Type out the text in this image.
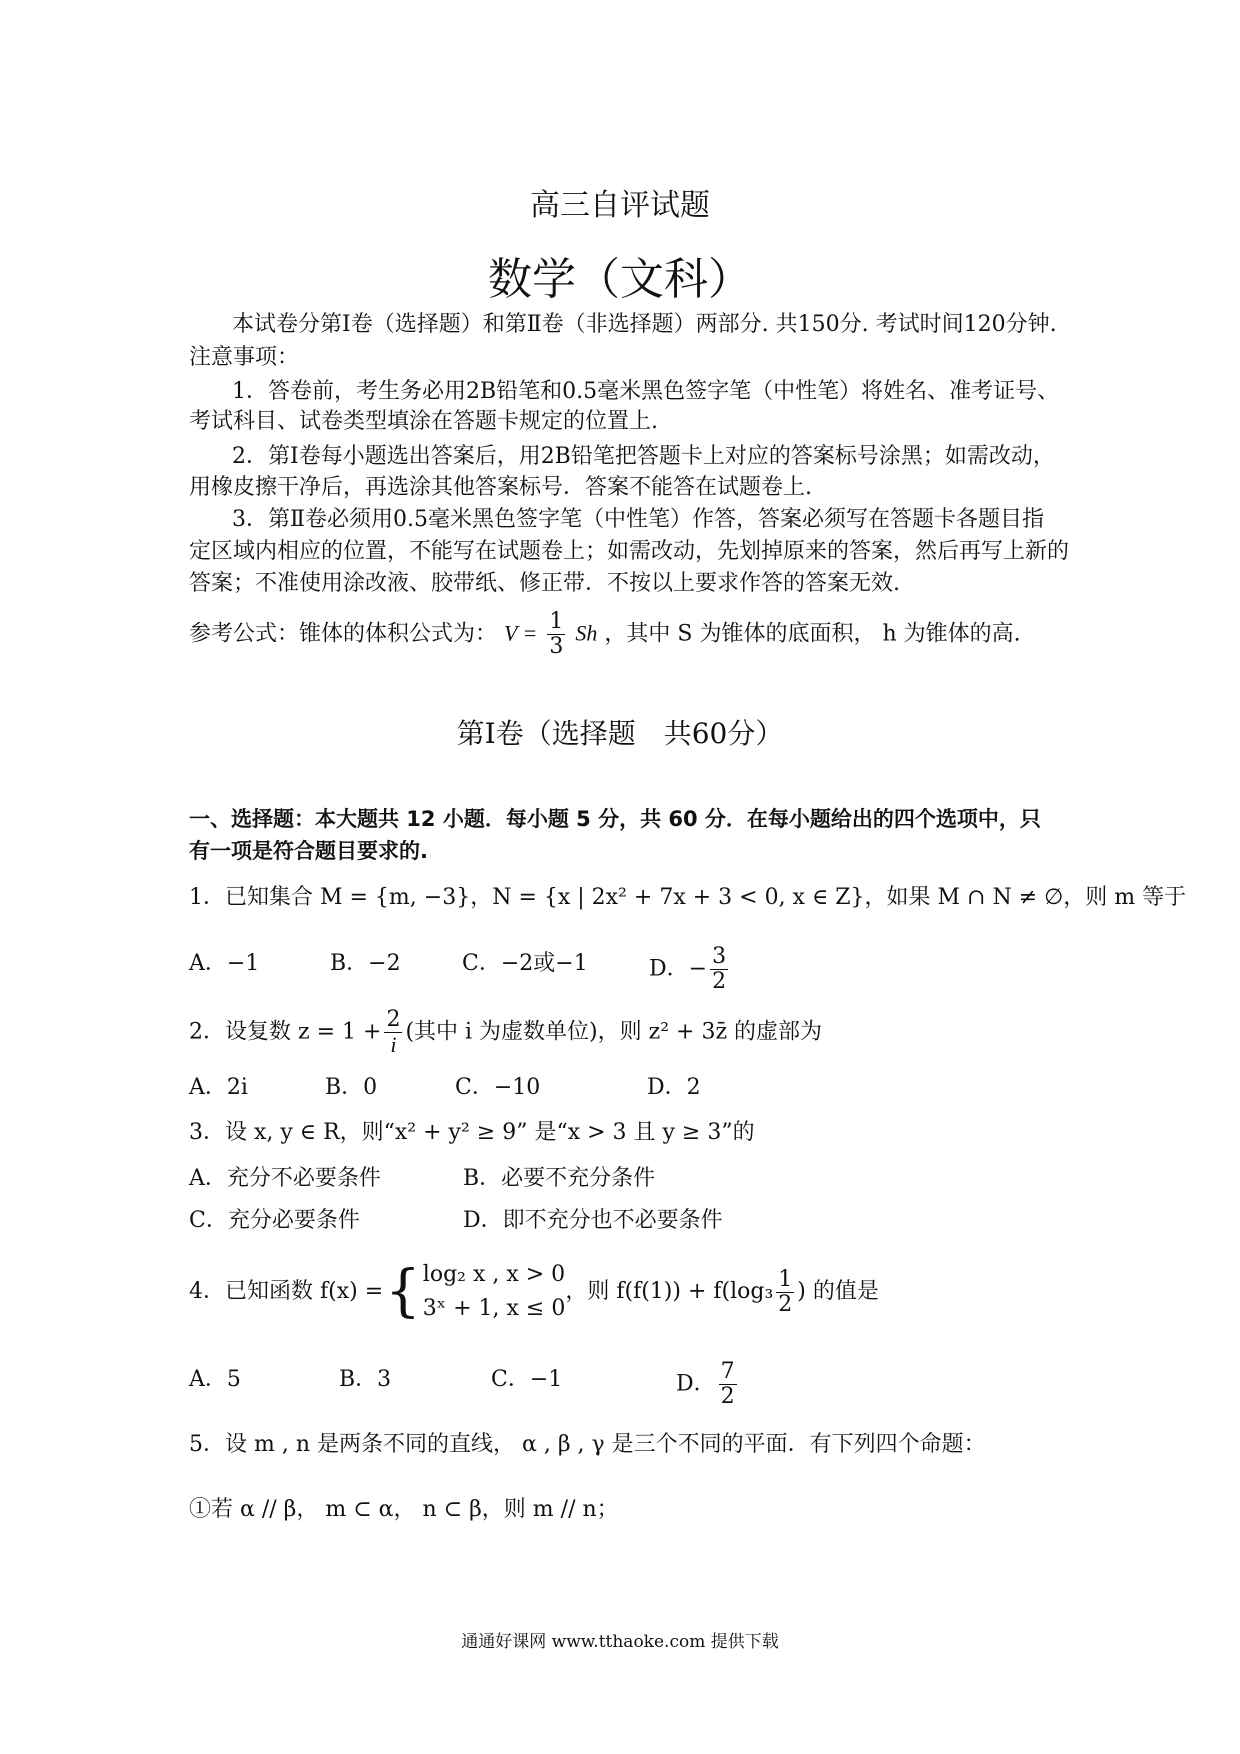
高三自评试题
数学（文科）
本试卷分第Ⅰ卷（选择题）和第Ⅱ卷（非选择题）两部分. 共150分. 考试时间120分钟.
注意事项：
1．答卷前，考生务必用2B铅笔和0.5毫米黑色签字笔（中性笔）将姓名、准考证号、
考试科目、试卷类型填涂在答题卡规定的位置上.
2．第Ⅰ卷每小题选出答案后，用2B铅笔把答题卡上对应的答案标号涂黑；如需改动，
用橡皮擦干净后，再选涂其他答案标号．答案不能答在试题卷上.
3．第Ⅱ卷必须用0.5毫米黑色签字笔（中性笔）作答，答案必须写在答题卡各题目指
定区域内相应的位置，不能写在试题卷上；如需改动，先划掉原来的答案，然后再写上新的
答案；不准使用涂改液、胶带纸、修正带．不按以上要求作答的答案无效.
参考公式：锥体的体积公式为： $V = \frac{1}{3}$ Sh ，其中 S 为锥体的底面积， h 为锥体的高.
第Ⅰ卷（选择题　共60分）
一、选择题：本大题共 12 小题．每小题 5 分，共 60 分．在每小题给出的四个选项中，只
有一项是符合题目要求的.
1．已知集合 M = {m, −3}，N = {x | 2x² + 7x + 3 < 0, x ∈ Z}，如果 M ∩ N ≠ ∅，则 m 等于
A．−1	B．−2	C．−2或−1	D．− $\frac{3}{2}$
2．设复数 $z = 1 + \frac{2}{i}$ (其中 i 为虚数单位)，则 z² + 3z̄ 的虚部为
A．2i	B．0	C．−10	D．2
3．设 x, y ∈ R，则“x² + y² ≥ 9” 是“x > 3 且 y ≥ 3”的
A．充分不必要条件	B．必要不充分条件
C．充分必要条件	D．即不充分也不必要条件
4．已知函数 f(x) = { log₂ x , x > 0
3ˣ + 1, x ≤ 0
，则 $f(f(1)) + f(\log_3 \frac{1}{2}$ ) 的值是
A．5	B．3	C．−1	D． $\frac{7}{2}$
5．设 m , n 是两条不同的直线， α , β , γ 是三个不同的平面．有下列四个命题：
①若 α // β， m ⊂ α， n ⊂ β，则 m // n；
通通好课网 www.tthaoke.com 提供下载
